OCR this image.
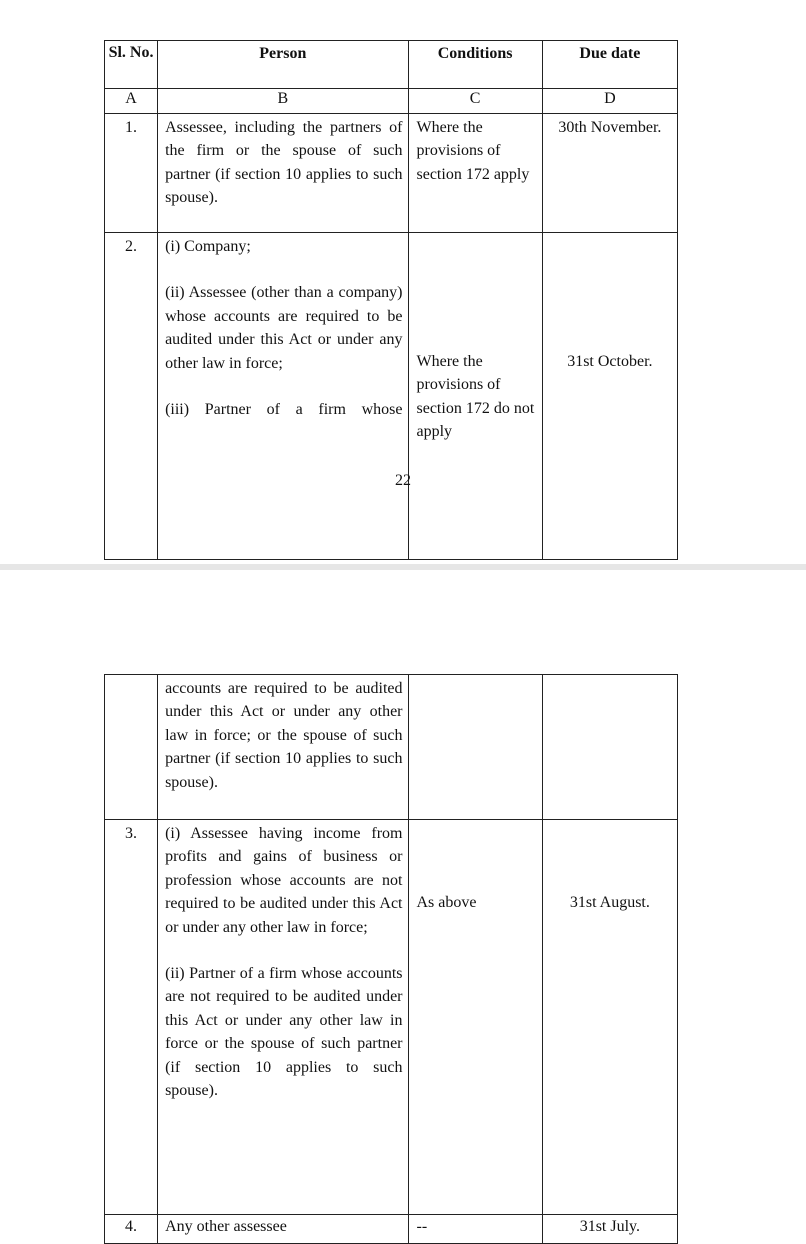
Sl. No.	Person	Conditions	Due date
A	B	C	D
1.	Assessee, including the partners of the firm or the spouse of such partner (if section 10 applies to such spouse).	Where the provisions of section 172 apply	30th November.
2.	(i) Company;
(ii) Assessee (other than a company) whose accounts are required to be audited under this Act or under any other law in force;
(iii) Partner of a firm whose	Where the provisions of section 172 do not apply	31st October.
22
	accounts are required to be audited under this Act or under any other law in force; or the spouse of such partner (if section 10 applies to such spouse).		
3.	(i) Assessee having income from profits and gains of business or profession whose accounts are not required to be audited under this Act or under any other law in force;
(ii) Partner of a firm whose accounts are not required to be audited under this Act or under any other law in force or the spouse of such partner (if section 10 applies to such spouse).	As above	31st August.
4.	Any other assessee	--	31st July.
